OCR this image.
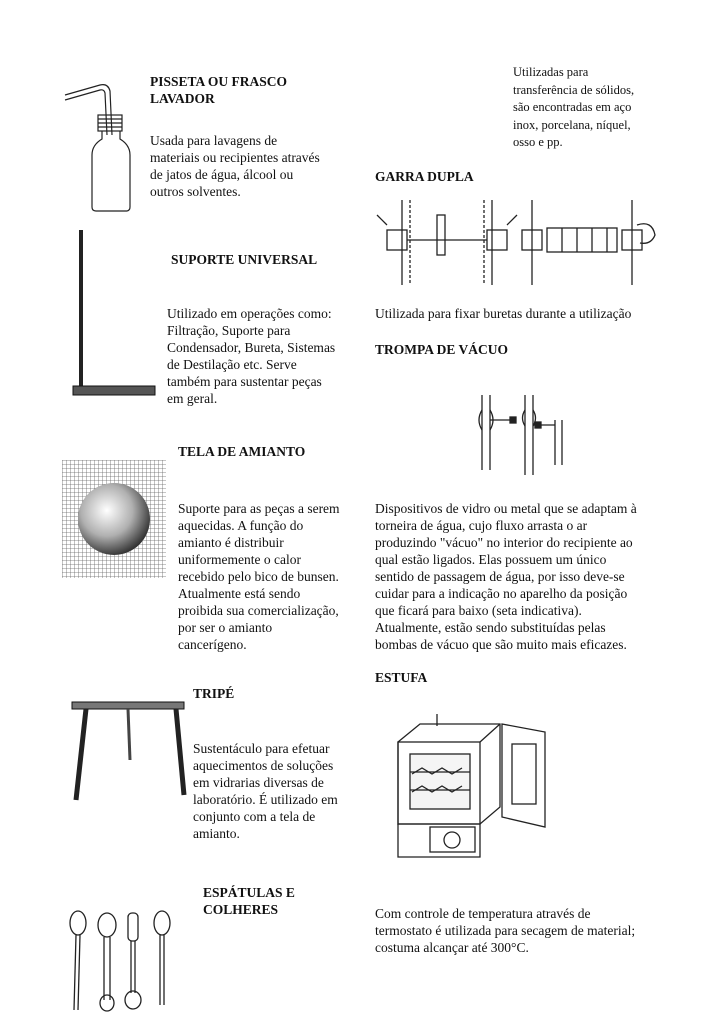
PISSETA OU FRASCO
LAVADOR
Usada para lavagens de
materiais ou recipientes através
de jatos de água, álcool ou
outros solventes.
Utilizadas para
transferência de sólidos,
são encontradas em aço
inox, porcelana, níquel,
osso e pp.
GARRA DUPLA
Utilizada para fixar buretas durante a utilização
SUPORTE UNIVERSAL
Utilizado em operações como:
Filtração, Suporte para
Condensador, Bureta, Sistemas
de Destilação etc. Serve
também para sustentar peças
em geral.
TROMPA DE VÁCUO
Dispositivos de vidro ou metal que se adaptam à
torneira de água, cujo fluxo arrasta o ar
produzindo "vácuo" no interior do recipiente ao
qual estão ligados. Elas possuem um único
sentido de passagem de água, por isso deve-se
cuidar para a indicação no aparelho da posição
que ficará para baixo (seta indicativa).
Atualmente, estão sendo substituídas pelas
bombas de vácuo que são muito mais eficazes.
TELA DE AMIANTO
Suporte para as peças a serem
aquecidas. A função do
amianto é distribuir
uniformemente o calor
recebido pelo bico de bunsen.
Atualmente está sendo
proibida sua comercialização,
por ser o amianto
cancerígeno.
ESTUFA
Com controle de temperatura através de
termostato é utilizada para secagem de material;
costuma alcançar até 300°C.
TRIPÉ
Sustentáculo para efetuar
aquecimentos de soluções
em vidrarias diversas de
laboratório. É utilizado em
conjunto com a tela de
amianto.
ESPÁTULAS E
COLHERES
